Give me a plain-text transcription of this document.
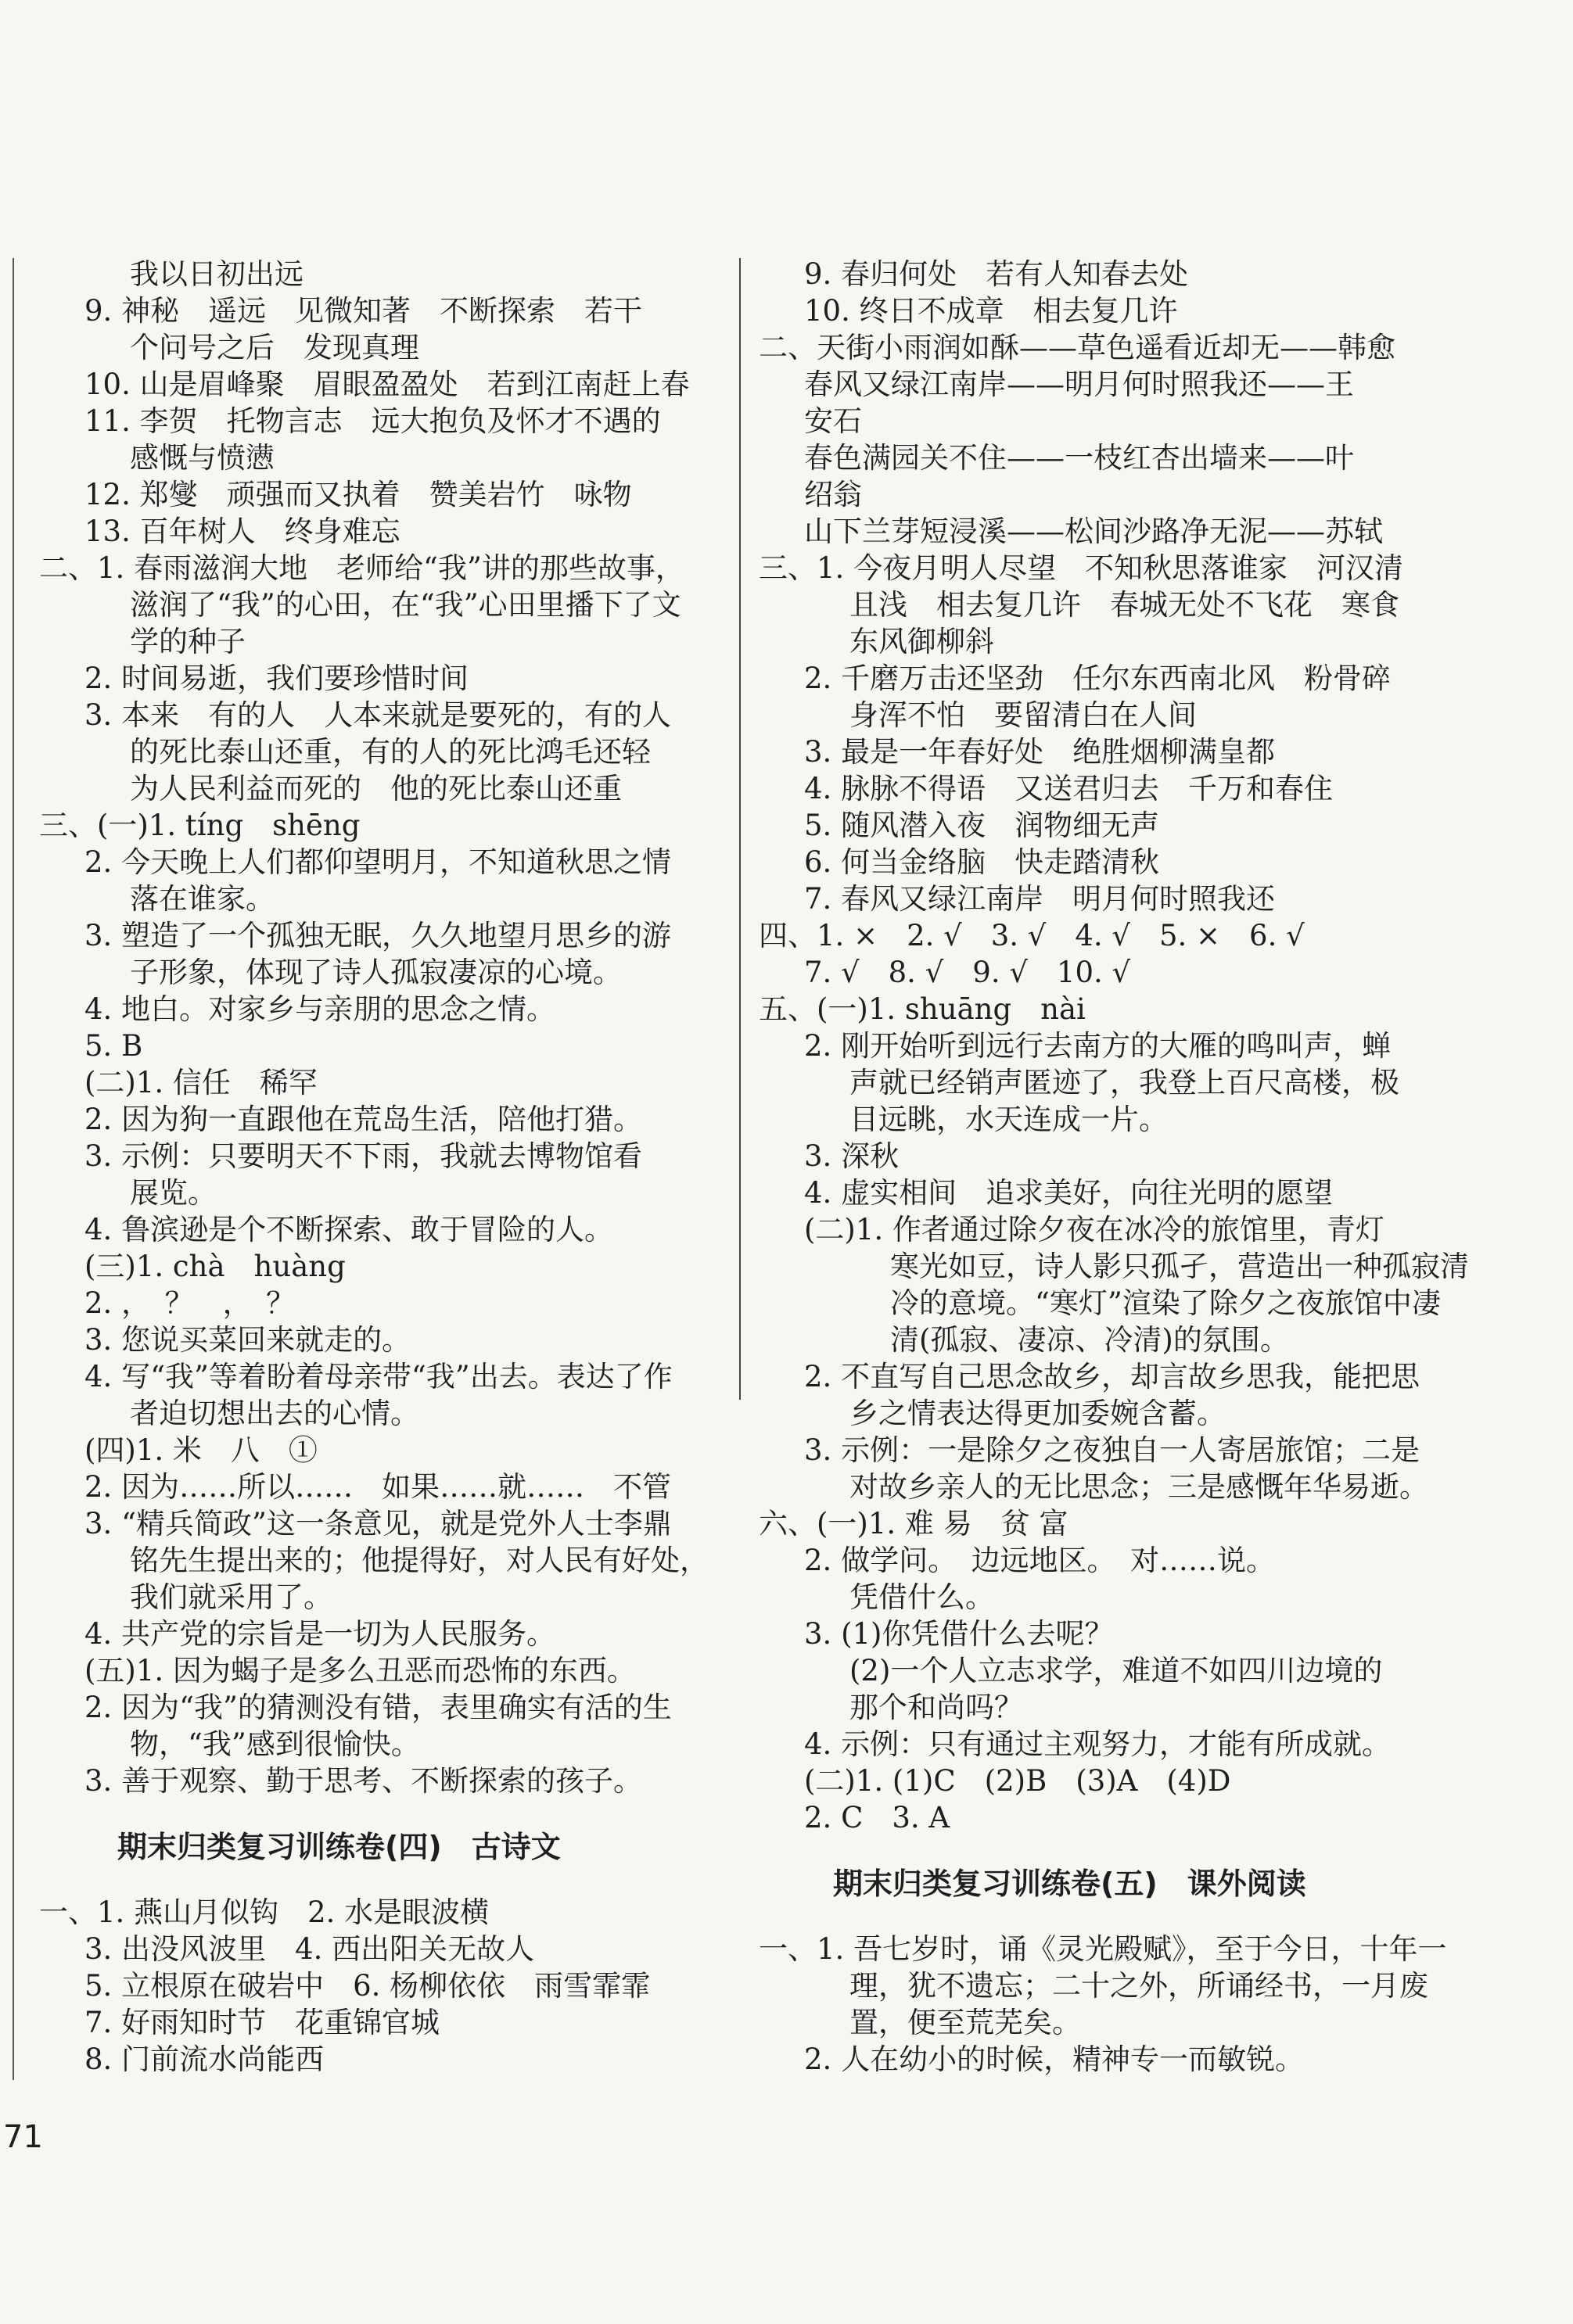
我以日初出远
9. 神秘　遥远　见微知著　不断探索　若干
个问号之后　发现真理
10. 山是眉峰聚　眉眼盈盈处　若到江南赶上春
11. 李贺　托物言志　远大抱负及怀才不遇的
感慨与愤懑
12. 郑燮　顽强而又执着　赞美岩竹　咏物
13. 百年树人　终身难忘
二、1. 春雨滋润大地　老师给“我”讲的那些故事，
滋润了“我”的心田，在“我”心田里播下了文
学的种子
2. 时间易逝，我们要珍惜时间
3. 本来　有的人　人本来就是要死的，有的人
的死比泰山还重，有的人的死比鸿毛还轻
为人民利益而死的　他的死比泰山还重
三、(一)1. tíng　shēng
2. 今天晚上人们都仰望明月，不知道秋思之情
落在谁家。
3. 塑造了一个孤独无眠，久久地望月思乡的游
子形象，体现了诗人孤寂凄凉的心境。
4. 地白。对家乡与亲朋的思念之情。
5. B
(二)1. 信任　稀罕
2. 因为狗一直跟他在荒岛生活，陪他打猎。
3. 示例：只要明天不下雨，我就去博物馆看
展览。
4. 鲁滨逊是个不断探索、敢于冒险的人。
(三)1. chà　huàng
2. ，　？　，　？
3. 您说买菜回来就走的。
4. 写“我”等着盼着母亲带“我”出去。表达了作
者迫切想出去的心情。
(四)1. 米　八　①
2. 因为……所以……　如果……就……　不管
3. “精兵简政”这一条意见，就是党外人士李鼎
铭先生提出来的；他提得好，对人民有好处，
我们就采用了。
4. 共产党的宗旨是一切为人民服务。
(五)1. 因为蝎子是多么丑恶而恐怖的东西。
2. 因为“我”的猜测没有错，表里确实有活的生
物，“我”感到很愉快。
3. 善于观察、勤于思考、不断探索的孩子。
期末归类复习训练卷(四)　古诗文
一、1. 燕山月似钩　2. 水是眼波横
3. 出没风波里　4. 西出阳关无故人
5. 立根原在破岩中　6. 杨柳依依　雨雪霏霏
7. 好雨知时节　花重锦官城
8. 门前流水尚能西
9. 春归何处　若有人知春去处
10. 终日不成章　相去复几许
二、天街小雨润如酥——草色遥看近却无——韩愈
春风又绿江南岸——明月何时照我还——王
安石
春色满园关不住——一枝红杏出墙来——叶
绍翁
山下兰芽短浸溪——松间沙路净无泥——苏轼
三、1. 今夜月明人尽望　不知秋思落谁家　河汉清
且浅　相去复几许　春城无处不飞花　寒食
东风御柳斜
2. 千磨万击还坚劲　任尔东西南北风　粉骨碎
身浑不怕　要留清白在人间
3. 最是一年春好处　绝胜烟柳满皇都
4. 脉脉不得语　又送君归去　千万和春住
5. 随风潜入夜　润物细无声
6. 何当金络脑　快走踏清秋
7. 春风又绿江南岸　明月何时照我还
四、1. ×　2. √　3. √　4. √　5. ×　6. √
7. √　8. √　9. √　10. √
五、(一)1. shuāng　nài
2. 刚开始听到远行去南方的大雁的鸣叫声，蝉
声就已经销声匿迹了，我登上百尺高楼，极
目远眺，水天连成一片。
3. 深秋
4. 虚实相间　追求美好，向往光明的愿望
(二)1. 作者通过除夕夜在冰冷的旅馆里，青灯
寒光如豆，诗人影只孤孑，营造出一种孤寂清
冷的意境。“寒灯”渲染了除夕之夜旅馆中凄
清(孤寂、凄凉、冷清)的氛围。
2. 不直写自己思念故乡，却言故乡思我，能把思
乡之情表达得更加委婉含蓄。
3. 示例：一是除夕之夜独自一人寄居旅馆；二是
对故乡亲人的无比思念；三是感慨年华易逝。
六、(一)1. 难 易　贫 富
2. 做学问。　边远地区。　对……说。
凭借什么。
3. (1)你凭借什么去呢？
(2)一个人立志求学，难道不如四川边境的
那个和尚吗？
4. 示例：只有通过主观努力，才能有所成就。
(二)1. (1)C　(2)B　(3)A　(4)D
2. C　3. A
期末归类复习训练卷(五)　课外阅读
一、1. 吾七岁时，诵《灵光殿赋》，至于今日，十年一
理，犹不遗忘；二十之外，所诵经书，一月废
置，便至荒芜矣。
2. 人在幼小的时候，精神专一而敏锐。
71
